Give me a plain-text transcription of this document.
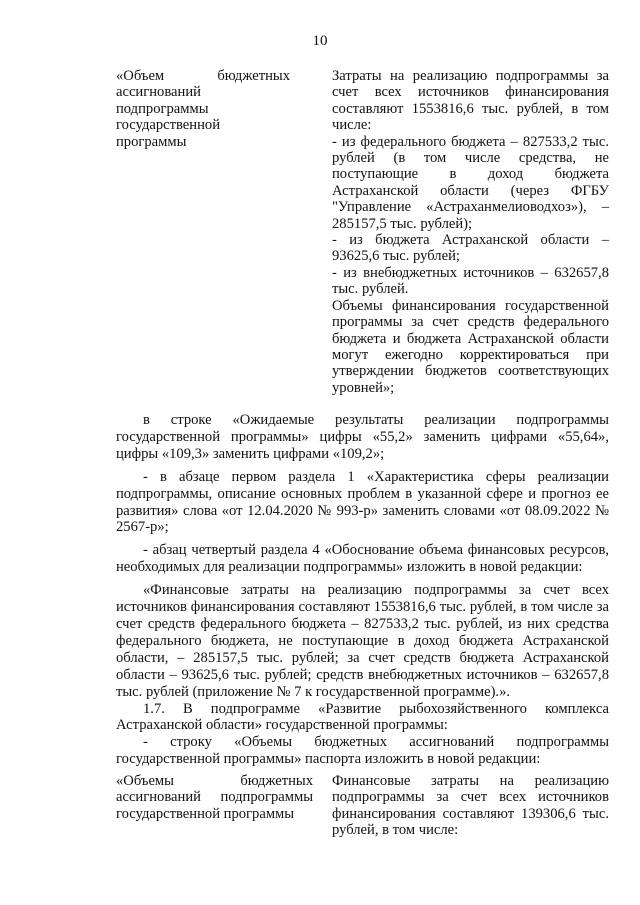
10
«Объем бюджетных ассигнований подпрограммы государственной программы

Затраты на реализацию подпрограммы за счет всех источников финансирования составляют 1553816,6 тыс. рублей, в том числе:

- из федерального бюджета – 827533,2 тыс. рублей (в том числе средства, не поступающие в доход бюджета Астраханской области (через ФГБУ "Управление «Астраханмелиоводхоз»), – 285157,5 тыс. рублей);

- из бюджета Астраханской области – 93625,6 тыс. рублей;

- из внебюджетных источников – 632657,8 тыс. рублей.

Объемы финансирования государственной программы за счет средств федерального бюджета и бюджета Астраханской области могут ежегодно корректироваться при утверждении бюджетов соответствующих уровней»;

в строке «Ожидаемые результаты реализации подпрограммы государственной программы» цифры «55,2» заменить цифрами «55,64», цифры «109,3» заменить цифрами «109,2»;

- в абзаце первом раздела 1 «Характеристика сферы реализации подпрограммы, описание основных проблем в указанной сфере и прогноз ее развития» слова «от 12.04.2020 № 993-р» заменить словами «от 08.09.2022 № 2567-р»;

- абзац четвертый раздела 4 «Обоснование объема финансовых ресурсов, необходимых для реализации подпрограммы» изложить в новой редакции:

«Финансовые затраты на реализацию подпрограммы за счет всех источников финансирования составляют 1553816,6 тыс. рублей, в том числе за счет средств федерального бюджета – 827533,2 тыс. рублей, из них средства федерального бюджета, не поступающие в доход бюджета Астраханской области, – 285157,5 тыс. рублей; за счет средств бюджета Астраханской области – 93625,6 тыс. рублей; средств внебюджетных источников – 632657,8 тыс. рублей (приложение № 7 к государственной программе).».

1.7. В подпрограмме «Развитие рыбохозяйственного комплекса Астраханской области» государственной программы:

- строку «Объемы бюджетных ассигнований подпрограммы государственной программы» паспорта изложить в новой редакции:

«Объемы бюджетных ассигнований подпрограммы государственной программы
Финансовые затраты на реализацию подпрограммы за счет всех источников финансирования составляют 139306,6 тыс. рублей, в том числе:
